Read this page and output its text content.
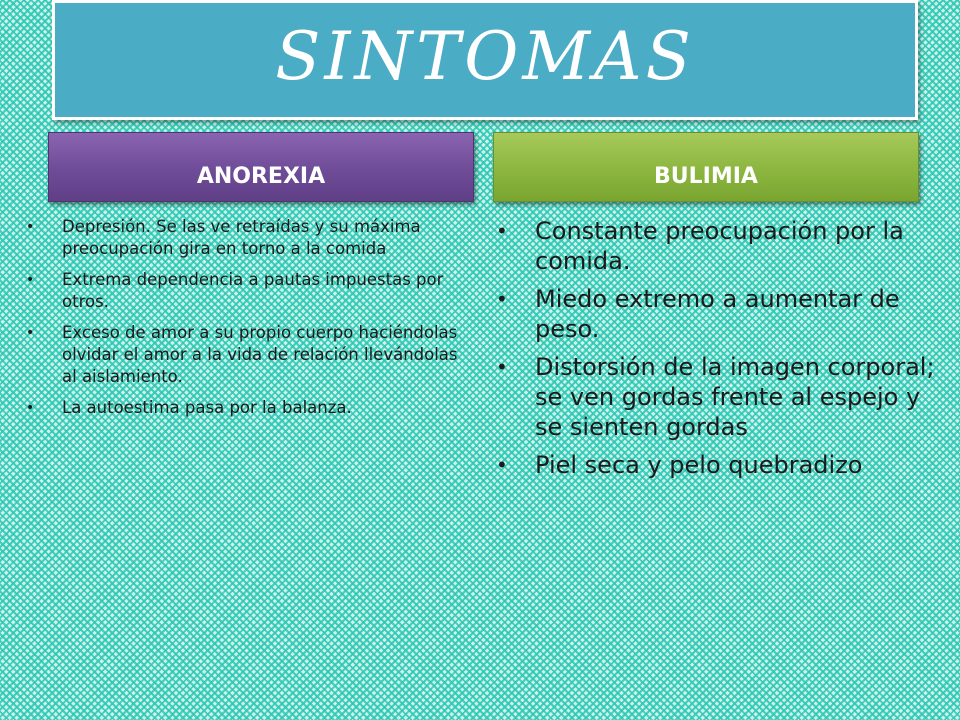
SINTOMAS
ANOREXIA	BULIMIA
• Depresión. Se las ve retraídas y su máxima preocupación gira en torno a la comida
• Extrema dependencia a pautas impuestas por otros.
• Exceso de amor a su propio cuerpo haciéndolas olvidar el amor a la vida de relación llevándolas al aislamiento.
• La autoestima pasa por la balanza.
• Constante preocupación por la comida.
• Miedo extremo a aumentar de peso.
• Distorsión de la imagen corporal; se ven gordas frente al espejo y se sienten gordas
• Piel seca y pelo quebradizo
